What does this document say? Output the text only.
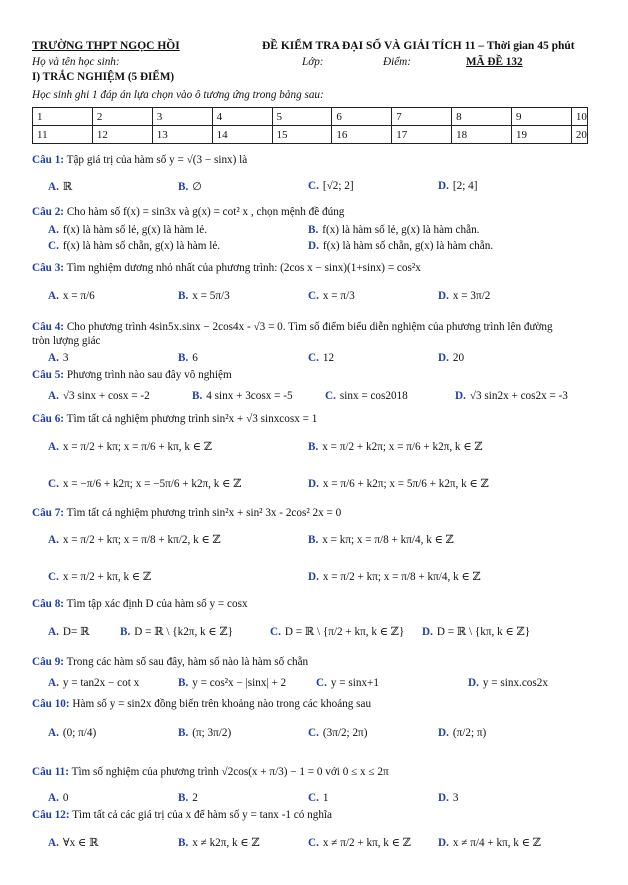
TRƯỜNG THPT NGỌC HỒI	ĐỀ KIỂM TRA ĐẠI SỐ VÀ GIẢI TÍCH 11 – Thời gian 45 phút
Họ và tên học sinh:	Lớp:	Điểm:	MÃ ĐỀ 132
I) TRẮC NGHIỆM (5 ĐIỂM)
Học sinh ghi 1 đáp án lựa chọn vào ô tương ứng trong bảng sau:
1	2	3	4	5	6	7	8	9	10
11	12	13	14	15	16	17	18	19	20
Câu 1: Tập giá trị của hàm số y = √(3 − sinx) là
A. ℝ	B. ∅	C. [√2; 2]	D. [2; 4]
Câu 2: Cho hàm số f(x) = sin3x và g(x) = cot² x , chọn mệnh đề đúng
A. f(x) là hàm số lẻ, g(x) là hàm lẻ.	B. f(x) là hàm số lẻ, g(x) là hàm chẵn.
C. f(x) là hàm số chẵn, g(x) là hàm lẻ.	D. f(x) là hàm số chẵn, g(x) là hàm chẵn.
Câu 3: Tìm nghiệm dương nhỏ nhất của phương trình: (2cos x − sinx)(1+sinx) = cos²x
A. x = π/6	B. x = 5π/3	C. x = π/3	D. x = 3π/2
Câu 4: Cho phương trình 4sin5x.sinx − 2cos4x - √3 = 0. Tìm số điểm biểu diễn nghiệm của phương trình lên đường
tròn lượng giác
A. 3	B. 6	C. 12	D. 20
Câu 5: Phương trình nào sau đây vô nghiệm
A. √3 sinx + cosx = -2	B. 4 sinx + 3cosx = -5	C. sinx = cos2018	D. √3 sin2x + cos2x = -3
Câu 6: Tìm tất cả nghiệm phương trình sin²x + √3 sinxcosx = 1
A. x = π/2 + kπ; x = π/6 + kπ, k ∈ ℤ	B. x = π/2 + k2π; x = π/6 + k2π, k ∈ ℤ
C. x = −π/6 + k2π; x = −5π/6 + k2π, k ∈ ℤ	D. x = π/6 + k2π; x = 5π/6 + k2π, k ∈ ℤ
Câu 7: Tìm tất cả nghiệm phương trình sin²x + sin² 3x - 2cos² 2x = 0
A. x = π/2 + kπ; x = π/8 + kπ/2, k ∈ ℤ	B. x = kπ; x = π/8 + kπ/4, k ∈ ℤ
C. x = π/2 + kπ, k ∈ ℤ	D. x = π/2 + kπ; x = π/8 + kπ/4, k ∈ ℤ
Câu 8: Tìm tập xác định D của hàm số y = cosx
A. D= ℝ	B. D = ℝ \ {k2π, k ∈ ℤ}	C. D = ℝ \ {π/2 + kπ, k ∈ ℤ} D. D = ℝ \ {kπ, k ∈ ℤ}
Câu 9: Trong các hàm số sau đây, hàm số nào là hàm số chẵn
A. y = tan2x − cot x	B. y = cos²x − |sinx| + 2	C. y = sinx+1	D. y = sinx.cos2x
Câu 10: Hàm số y = sin2x đồng biến trên khoảng nào trong các khoảng sau
A. (0; π/4)	B. (π; 3π/2)	C. (3π/2; 2π)	D. (π/2; π)
Câu 11: Tìm số nghiệm của phương trình √2cos(x + π/3) − 1 = 0 với 0 ≤ x ≤ 2π
A. 0	B. 2	C. 1	D. 3
Câu 12: Tìm tất cả các giá trị của x để hàm số y = tanx -1 có nghĩa
A. ∀x ∈ ℝ	B. x ≠ k2π, k ∈ ℤ	C. x ≠ π/2 + kπ, k ∈ ℤ D. x ≠ π/4 + kπ, k ∈ ℤ
